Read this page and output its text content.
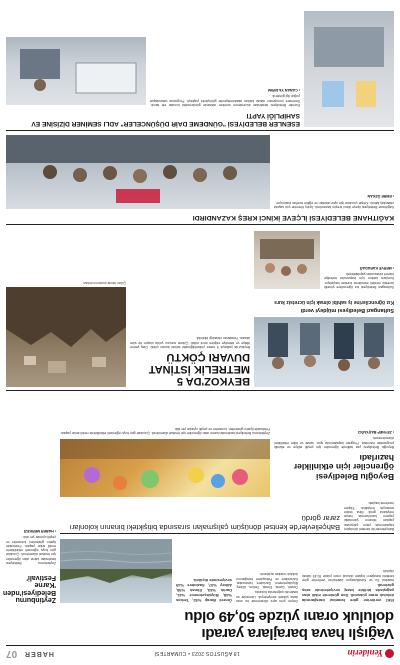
Yeniderin
18 AĞUSTOS 2023 • CUMARTESİ
HABER
07
Vağışlı hava barajlara yaradı
doluluk oranı yüzde 50,49 oldu

İSKİ verilerine göre İstanbul barajlarında doluluk oranı yükseldi. Son günlerde etkili olan yağışlarla birlikte baraj seviyelerinde artış gözlendi.

Istanbul Su ve Kanalizasyon İdaresi'nin verilerine göre kentteki barajların toplam doluluk oranı yüzde 50,49 olarak ölçüldü.

Geçen yılın aynı döneminde bu oran daha yüksek seviyedeydi. Uzmanlar su tasarrufu çağrısında bulundu.

Ömerli, Darlık, Elmalı, Terkos, Alibey, Büyükçekmece, Sazlıdere, Istrancalar, Kazandere ve Pabuçdere barajlarının doluluk oranları açıklandı.

Ömerli Barajı %52, Terkos %48, Büyükçekmece %41, Darlık %63, Elmalı %58, Alibey %37, Sazlıdere %45 seviyesinde ölçüldü.
Zeytinburnu Belediyesi'nden 'Karne Festivali'

Zeytinburnu Belediyesi tarafından karne alan öğrenciler için festival düzenlendi. Çocuklar gün boyu eğlenceli etkinliklerle renkli anlar yaşadı. Festivalde tiyatro gösterileri, konserler ve çeşitli oyunlar yer aldı.

• HABER MERKEZİ	Bahçelievler'de kentsel dönüşüm çalışmaları sırasında bitişikteki binanın kolonları zarar gördü
Bahçelievler'de kentsel dönüşüm kapsamında yıkım çalışması yapılan binanın yanındaki yapının kolonlarında hasar meydana geldi. Bina tedbir amacıyla boşaltıldı. Ekipler inceleme başlattı.
Beyoğlu Belediyesi öğrenciler için etkinlikler hazırladı

Beyoğlu Belediyesi yaz tatilinde öğrenciler için çeşitli atölye ve etkinlik programları hazırladı. Program kapsamında spor, sanat ve bilim etkinlikleri düzenlenecek.

• ZEYNEP BAŞYAĞCI
Zeytinburnu Belediyesi tarafından karne alan öğrenciler için festival düzenlendi. Çocuklar gün boyu eğlenceli etkinliklerle renkli anlar yaşadı. Festivalde tiyatro gösterileri, konserler ve çeşitli oyunlar yer aldı.
BEYKOZ'DA 5 METRELİK İSTİNAT DUVARI ÇÖKTÜ
Beykoz'da yaklaşık 5 metre yüksekliğindeki istinat duvarı çöktü. Olay yerine itfaiye ve belediye ekipleri sevk edildi. Çökme sonucu yolda ulaşım bir süre aksadı. Yaralanan olmadığı bildirildi.
Çöken istinat duvarının enkazı
Sultangazi Belediyesi müjdeyi verdi
Kız öğrencilerine iş sahibi olmak için ücretsiz kurs

Sultangazi Belediyesi kız öğrencilere yönelik ücretsiz meslek edindirme kursları başlatıyor. Kurslara katılım için başvurular belediye hizmet binasından yapılabilecek.

• MERVE KARADAĞ
KAĞITHANE BELEDİYESİ İLÇEVE İKİNCİ KREŞ KAZANDIRDI

Kağıthane Belediyesi ilçeye ikinci kreşini kazandırdı. Açılış törenine çok sayıda vatandaş katıldı. Kreşte çocuklar için oyun alanları ve eğitim sınıfları bulunuyor.

• EMRE ÖZKAN
ESENLER BELEDİYESİ "GÜNDEME DAİR DÜŞÜNCELER" ADLI SEMİNER DİZİSİNE EV SAHİPLİĞİ YAPTI

Esenler Belediyesi tarafından düzenlenen seminer dizisinde gündemdeki konular ele alındı. Seminere konuşmacı olarak katılan akademisyenler görüşlerini paylaştı. Programa vatandaşlar yoğun ilgi gösterdi.

• CANAN YILDIRIM
